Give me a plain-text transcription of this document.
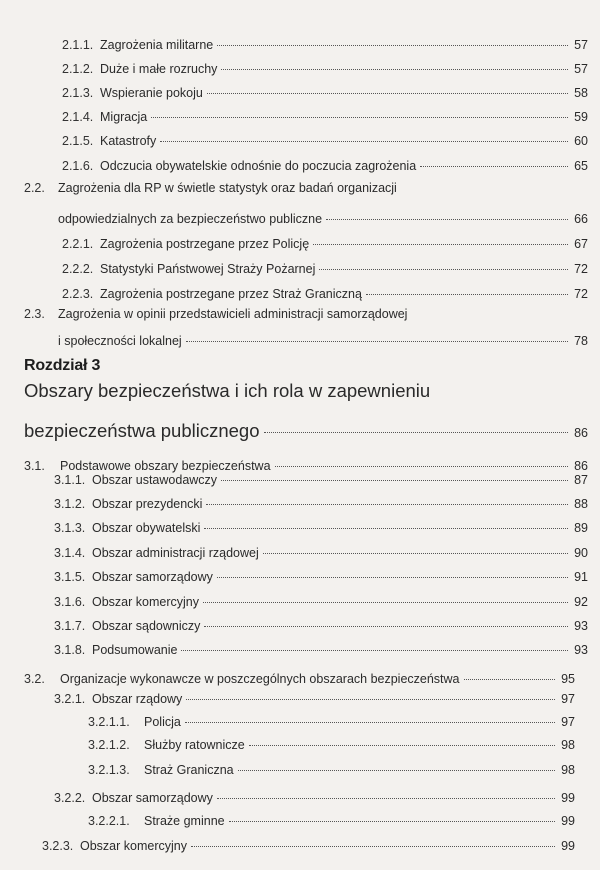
Rozdział 3
2.1.1. Zagrożenia militarne	57
2.1.2. Duże i małe rozruchy	57
2.1.3. Wspieranie pokoju	58
2.1.4. Migracja	59
2.1.5. Katastrofy	60
2.1.6. Odczucia obywatelskie odnośnie do poczucia zagrożenia	65
2.2.	Zagrożenia dla RP w świetle statystyk oraz badań organizacji
odpowiedzialnych za bezpieczeństwo publiczne	66
2.2.1. Zagrożenia postrzegane przez Policję	67
2.2.2. Statystyki Państwowej Straży Pożarnej	72
2.2.3. Zagrożenia postrzegane przez Straż Graniczną	72
2.3.	Zagrożenia w opinii przedstawicieli administracji samorządowej
i społeczności lokalnej	78
Obszary bezpieczeństwa i ich rola w zapewnieniu
bezpieczeństwa publicznego	86
3.1.	Podstawowe obszary bezpieczeństwa	86
3.1.1. Obszar ustawodawczy	87
3.1.2. Obszar prezydencki	88
3.1.3. Obszar obywatelski	89
3.1.4. Obszar administracji rządowej	90
3.1.5. Obszar samorządowy	91
3.1.6. Obszar komercyjny	92
3.1.7. Obszar sądowniczy	93
3.1.8. Podsumowanie	93
3.2.	Organizacje wykonawcze w poszczególnych obszarach bezpieczeństwa	95
3.2.1. Obszar rządowy	97
3.2.1.1.	Policja	97
3.2.1.2.	Służby ratownicze	98
3.2.1.3.	Straż Graniczna	98
3.2.2. Obszar samorządowy	99
3.2.2.1.	Straże gminne	99
3.2.3. Obszar komercyjny	99
